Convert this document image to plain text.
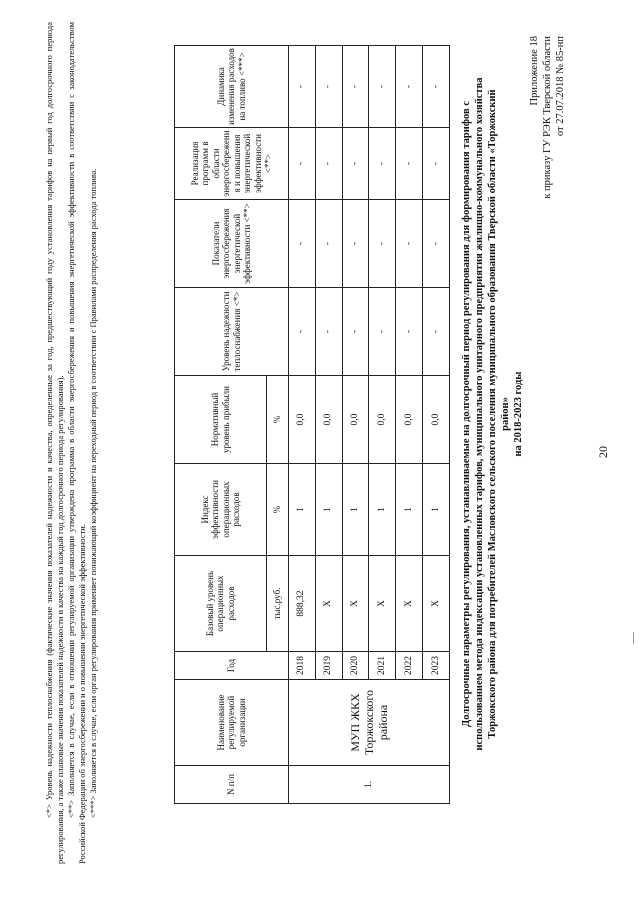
20
Приложение 18 к приказу ГУ РЭК Тверской области от 27.07.2018 № 85-нп
Долгосрочные параметры регулирования, устанавливаемые на долгосрочный период регулирования для формирования тарифов с использованием метода индексации установленных тарифов, муниципального унитарного предприятия жилищно-коммунального хозяйства Торжокского района для потребителей Масловского сельского поселения муниципального образования Тверской области «Торжокский район» на 2018-2023 годы
N п/п	Наименование регулируемой организации	Год	Базовый уровень операционных расходов	Индекс эффективности операционных расходов	Нормативный уровень прибыли	Уровень надежности теплоснабжения <*>	Показатели энергосбережения энергетической эффективности <**>	Реализация программ в области энергосбережени я и повышения энергетической эффективности <**>	Динамика изменения расходов на топливо <***>
			тыс.руб.	%	%				
1.	МУП ЖКХ Торжокского района	2018	888,32	1	0,0	-	-	-	-
		2019	Х	1	0,0	-	-	-	-
		2020	Х	1	0,0	-	-	-	-
		2021	Х	1	0,0	-	-	-	-
		2022	Х	1	0,0	-	-	-	-
		2023	Х	1	0,0	-	-	-	-

<*> Уровень надежности теплоснабжения (фактические значения показателей надежности и качества, определенные за год, предшествующий году установления тарифов на первый год долгосрочного периода регулирования, а также плановые значения показателей надежности и качества на каждый год долгосрочного периода регулирования). <**> Заполняется в случае, если в отношении регулируемой организации утверждена программа в области энергосбережения и повышения энергетической эффективности в соответствии с законодательством Российской Федерации об энергосбережении и о повышении энергетической эффективности. <***> Заполняется в случае, если орган регулирования применяет понижающий коэффициент на переходный период в соответствии с Правилами распределения расхода топлива.
